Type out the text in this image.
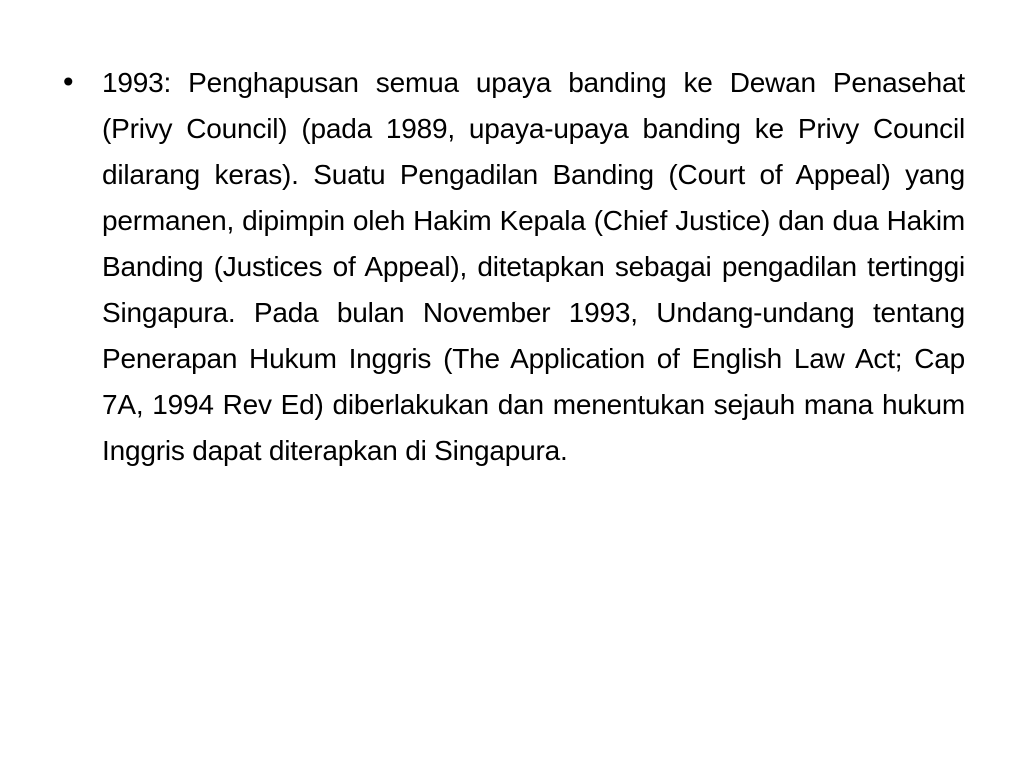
• 1993: Penghapusan semua upaya banding ke Dewan Penasehat (Privy Council) (pada 1989, upaya-upaya banding ke Privy Council dilarang keras). Suatu Pengadilan Banding (Court of Appeal) yang permanen, dipimpin oleh Hakim Kepala (Chief Justice) dan dua Hakim Banding (Justices of Appeal), ditetapkan sebagai pengadilan tertinggi Singapura. Pada bulan November 1993, Undang-undang tentang Penerapan Hukum Inggris (The Application of English Law Act; Cap 7A, 1994 Rev Ed) diberlakukan dan menentukan sejauh mana hukum Inggris dapat diterapkan di Singapura.
